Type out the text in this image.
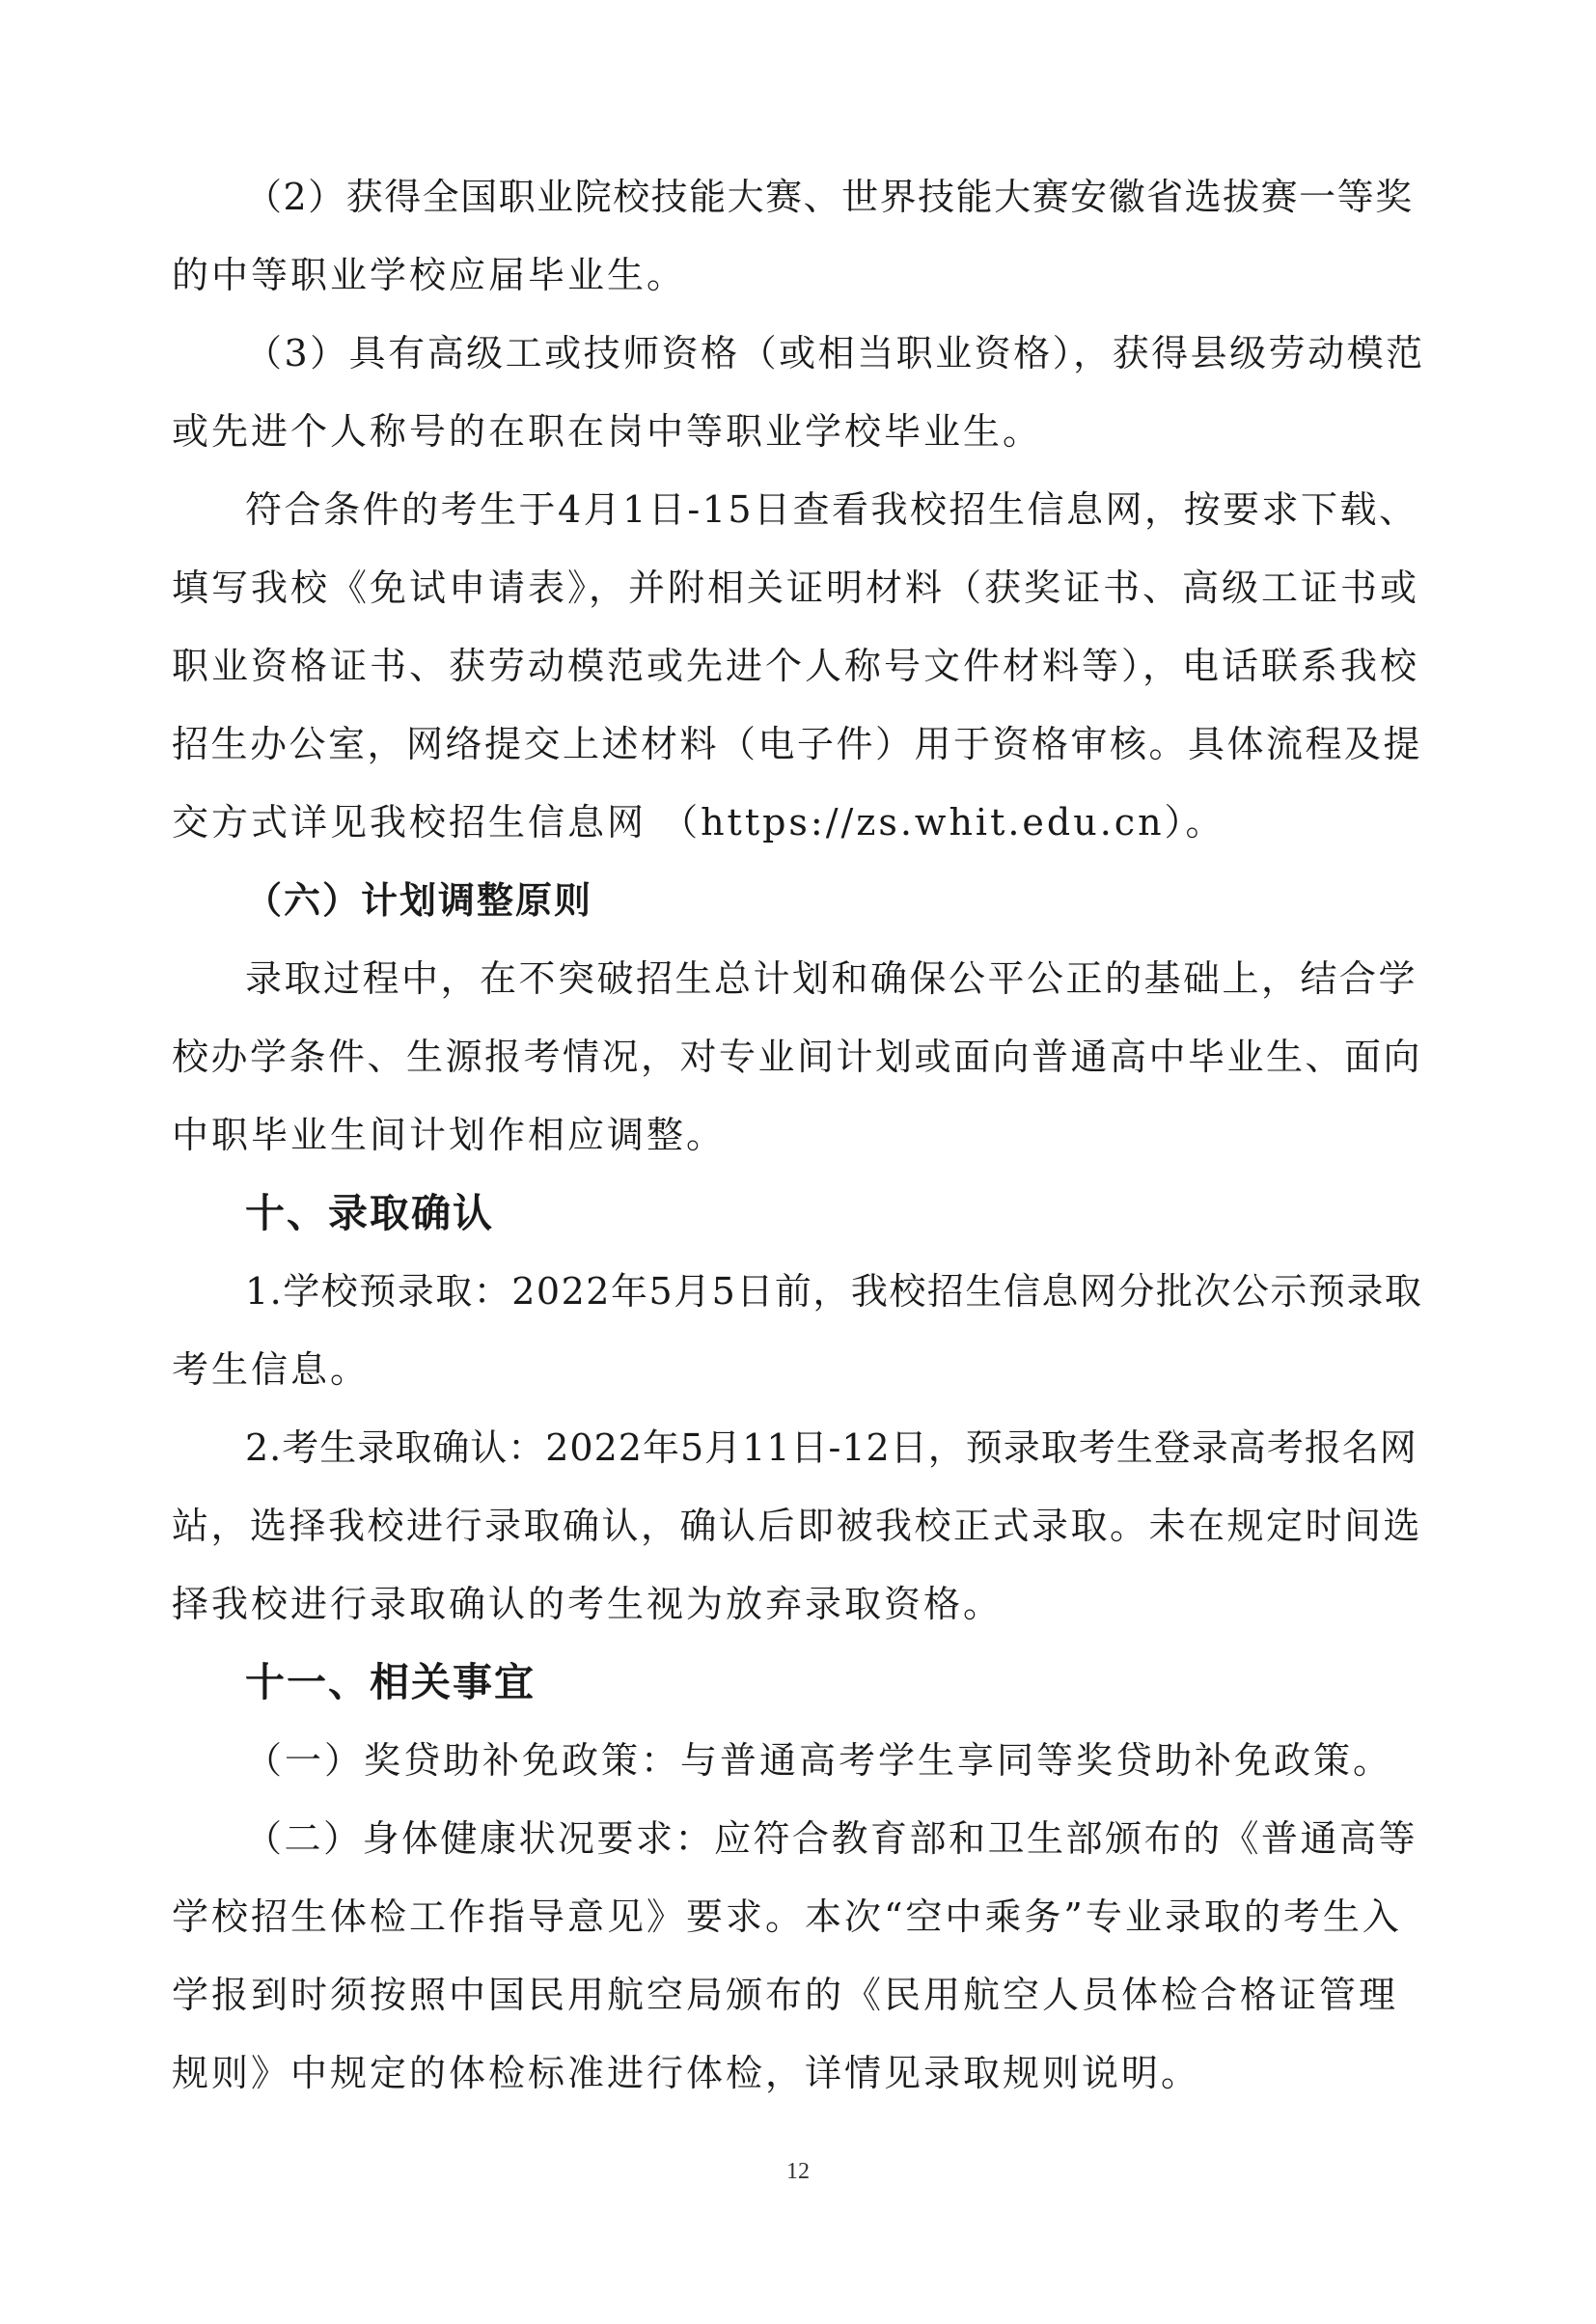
（2）获得全国职业院校技能大赛、世界技能大赛安徽省选拔赛一等奖
的中等职业学校应届毕业生。
（3）具有高级工或技师资格（或相当职业资格），获得县级劳动模范
或先进个人称号的在职在岗中等职业学校毕业生。
符合条件的考生于4月1日-15日查看我校招生信息网，按要求下载、
填写我校《免试申请表》，并附相关证明材料（获奖证书、高级工证书或
职业资格证书、获劳动模范或先进个人称号文件材料等），电话联系我校
招生办公室，网络提交上述材料（电子件）用于资格审核。具体流程及提
交方式详见我校招生信息网 （https://zs.whit.edu.cn）。
（六）计划调整原则
录取过程中，在不突破招生总计划和确保公平公正的基础上，结合学
校办学条件、生源报考情况，对专业间计划或面向普通高中毕业生、面向
中职毕业生间计划作相应调整。
十、录取确认
1.学校预录取：2022年5月5日前，我校招生信息网分批次公示预录取
考生信息。
2.考生录取确认：2022年5月11日-12日，预录取考生登录高考报名网
站，选择我校进行录取确认，确认后即被我校正式录取。未在规定时间选
择我校进行录取确认的考生视为放弃录取资格。
十一、相关事宜
（一）奖贷助补免政策：与普通高考学生享同等奖贷助补免政策。
（二）身体健康状况要求：应符合教育部和卫生部颁布的《普通高等
学校招生体检工作指导意见》要求。本次“空中乘务”专业录取的考生入
学报到时须按照中国民用航空局颁布的《民用航空人员体检合格证管理
规则》中规定的体检标准进行体检，详情见录取规则说明。
12
